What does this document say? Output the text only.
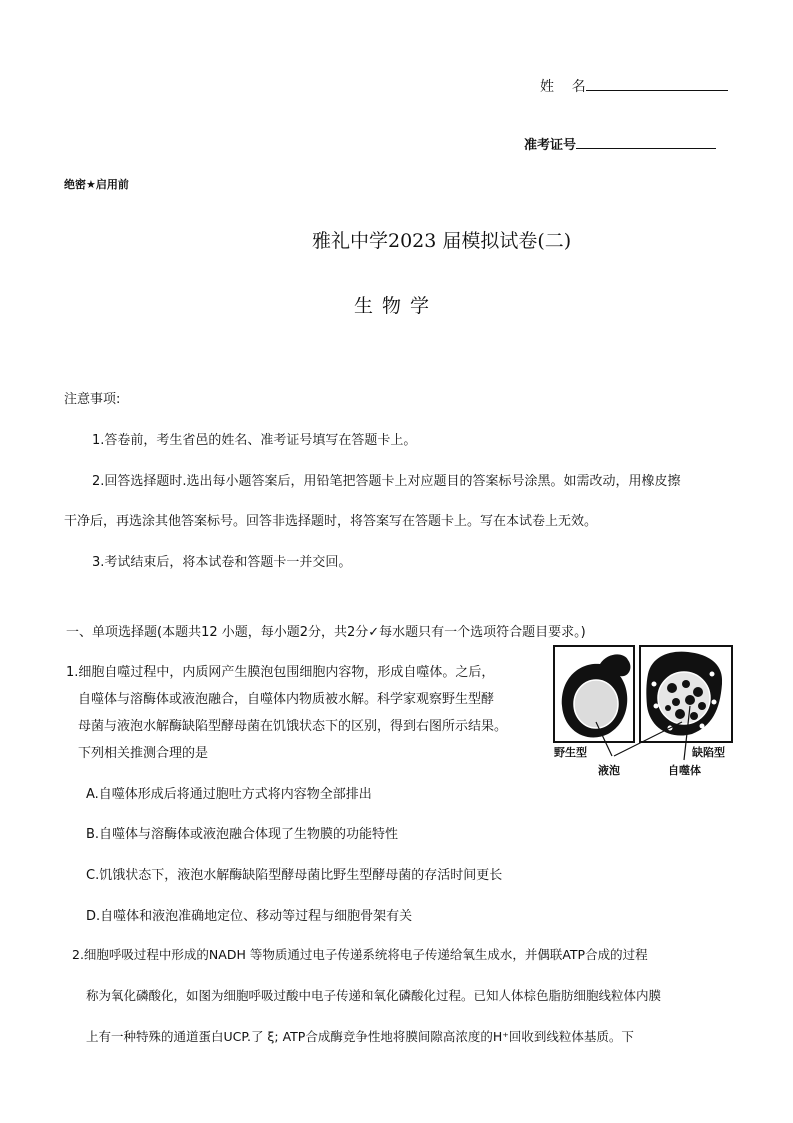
姓    名
准考证号
绝密★启用前
雅礼中学2023 届模拟试卷(二)
生物学
注意事项:
1.答卷前，考生省邑的姓名、准考证号填写在答题卡上。
2.回答选择题时.选出每小题答案后，用铅笔把答题卡上对应题目的答案标号涂黑。如需改动，用橡皮擦
干净后，再选涂其他答案标号。回答非选择题时，将答案写在答题卡上。写在本试卷上无效。
3.考试结束后，将本试卷和答题卡一并交回。
一、单项选择题(本题共12 小题，每小题2分，共2分✓每水题只有一个选项符合题目要求。)
1.细胞自噬过程中，内质网产生膜泡包围细胞内容物，形成自噬体。之后，
自噬体与溶酶体或液泡融合，自噬体内物质被水解。科学家观察野生型酵
母菌与液泡水解酶缺陷型酵母菌在饥饿状态下的区别，得到右图所示结果。
下列相关推测合理的是
A.自噬体形成后将通过胞吐方式将内容物全部排出
B.自噬体与溶酶体或液泡融合体现了生物膜的功能特性
C.饥饿状态下，液泡水解酶缺陷型酵母菌比野生型酵母菌的存活时间更长
D.自噬体和液泡准确地定位、移动等过程与细胞骨架有关
野生型	缺陷型
液泡	自噬体
2.细胞呼吸过程中形成的NADH 等物质通过电子传递系统将电子传递给氧生成水，并偶联ATP合成的过程
称为氧化磷酸化，如图为细胞呼吸过酸中电子传递和氧化磷酸化过程。已知人体棕色脂肪细胞线粒体内膜
上有一种特殊的通道蛋白UCP.了 ξ; ATP合成酶竞争性地将膜间隙高浓度的H⁺回收到线粒体基质。下
